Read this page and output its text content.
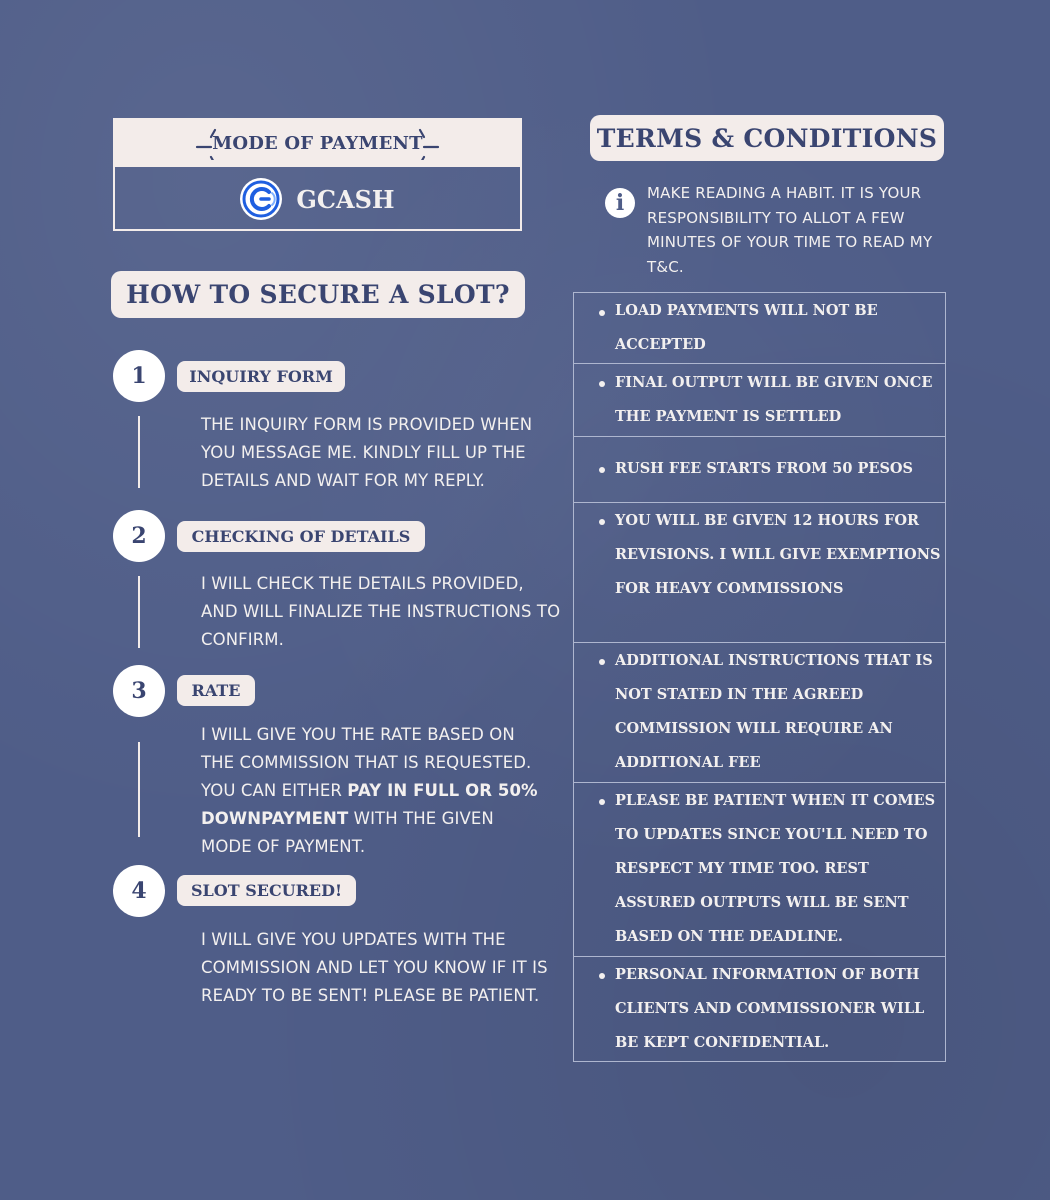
MODE OF PAYMENT
GCASH
HOW TO SECURE A SLOT?
1	INQUIRY FORM
THE INQUIRY FORM IS PROVIDED WHEN YOU MESSAGE ME. KINDLY FILL UP THE DETAILS AND WAIT FOR MY REPLY.
2	CHECKING OF DETAILS
I WILL CHECK THE DETAILS PROVIDED, AND WILL FINALIZE THE INSTRUCTIONS TO CONFIRM.
3	RATE
I WILL GIVE YOU THE RATE BASED ON THE COMMISSION THAT IS REQUESTED. YOU CAN EITHER PAY IN FULL OR 50% DOWNPAYMENT WITH THE GIVEN MODE OF PAYMENT.
4	SLOT SECURED!
I WILL GIVE YOU UPDATES WITH THE COMMISSION AND LET YOU KNOW IF IT IS READY TO BE SENT! PLEASE BE PATIENT.
TERMS & CONDITIONS
i	MAKE READING A HABIT. IT IS YOUR RESPONSIBILITY TO ALLOT A FEW MINUTES OF YOUR TIME TO READ MY T&C.
LOAD PAYMENTS WILL NOT BE ACCEPTED
FINAL OUTPUT WILL BE GIVEN ONCE THE PAYMENT IS SETTLED
RUSH FEE STARTS FROM 50 PESOS
YOU WILL BE GIVEN 12 HOURS FOR REVISIONS. I WILL GIVE EXEMPTIONS FOR HEAVY COMMISSIONS
ADDITIONAL INSTRUCTIONS THAT IS NOT STATED IN THE AGREED COMMISSION WILL REQUIRE AN ADDITIONAL FEE
PLEASE BE PATIENT WHEN IT COMES TO UPDATES SINCE YOU'LL NEED TO RESPECT MY TIME TOO. REST ASSURED OUTPUTS WILL BE SENT BASED ON THE DEADLINE.
PERSONAL INFORMATION OF BOTH CLIENTS AND COMMISSIONER WILL BE KEPT CONFIDENTIAL.
